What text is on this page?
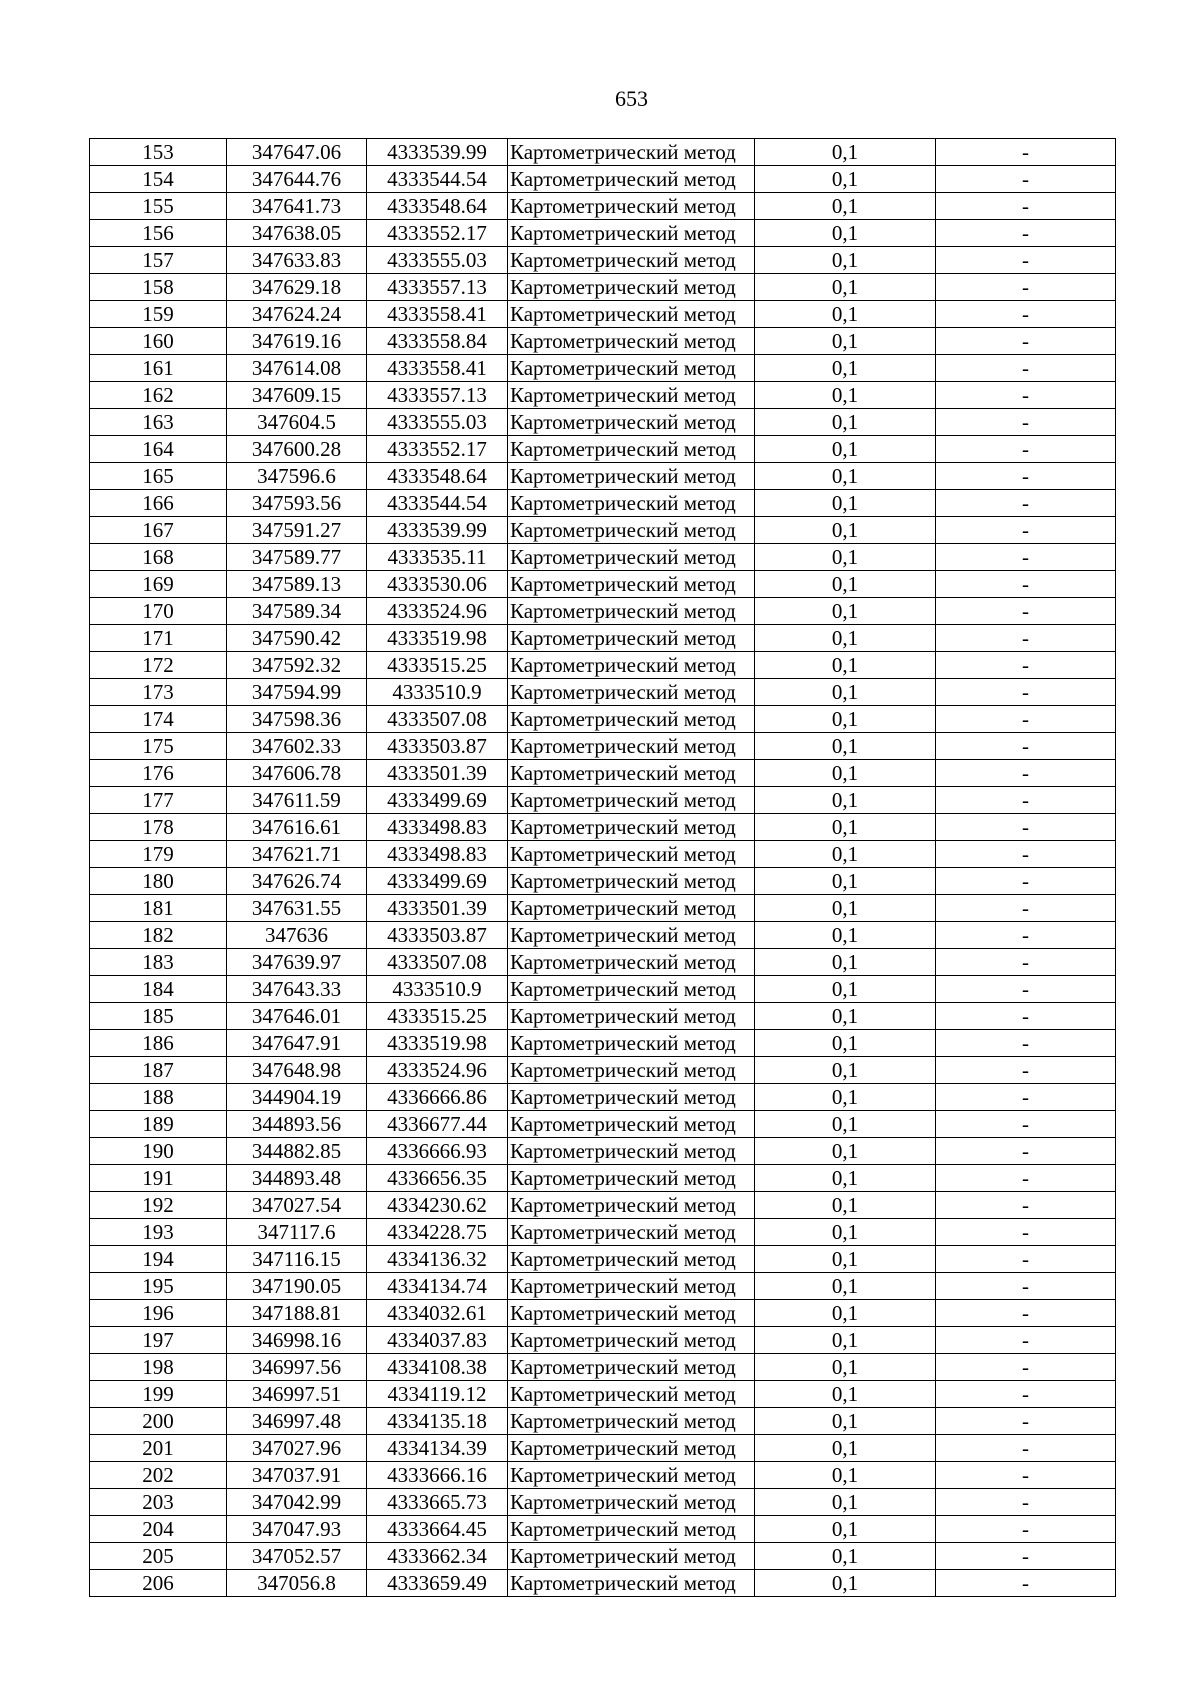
653
153	347647.06	4333539.99	Картометрический метод	0,1	-
154	347644.76	4333544.54	Картометрический метод	0,1	-
155	347641.73	4333548.64	Картометрический метод	0,1	-
156	347638.05	4333552.17	Картометрический метод	0,1	-
157	347633.83	4333555.03	Картометрический метод	0,1	-
158	347629.18	4333557.13	Картометрический метод	0,1	-
159	347624.24	4333558.41	Картометрический метод	0,1	-
160	347619.16	4333558.84	Картометрический метод	0,1	-
161	347614.08	4333558.41	Картометрический метод	0,1	-
162	347609.15	4333557.13	Картометрический метод	0,1	-
163	347604.5	4333555.03	Картометрический метод	0,1	-
164	347600.28	4333552.17	Картометрический метод	0,1	-
165	347596.6	4333548.64	Картометрический метод	0,1	-
166	347593.56	4333544.54	Картометрический метод	0,1	-
167	347591.27	4333539.99	Картометрический метод	0,1	-
168	347589.77	4333535.11	Картометрический метод	0,1	-
169	347589.13	4333530.06	Картометрический метод	0,1	-
170	347589.34	4333524.96	Картометрический метод	0,1	-
171	347590.42	4333519.98	Картометрический метод	0,1	-
172	347592.32	4333515.25	Картометрический метод	0,1	-
173	347594.99	4333510.9	Картометрический метод	0,1	-
174	347598.36	4333507.08	Картометрический метод	0,1	-
175	347602.33	4333503.87	Картометрический метод	0,1	-
176	347606.78	4333501.39	Картометрический метод	0,1	-
177	347611.59	4333499.69	Картометрический метод	0,1	-
178	347616.61	4333498.83	Картометрический метод	0,1	-
179	347621.71	4333498.83	Картометрический метод	0,1	-
180	347626.74	4333499.69	Картометрический метод	0,1	-
181	347631.55	4333501.39	Картометрический метод	0,1	-
182	347636	4333503.87	Картометрический метод	0,1	-
183	347639.97	4333507.08	Картометрический метод	0,1	-
184	347643.33	4333510.9	Картометрический метод	0,1	-
185	347646.01	4333515.25	Картометрический метод	0,1	-
186	347647.91	4333519.98	Картометрический метод	0,1	-
187	347648.98	4333524.96	Картометрический метод	0,1	-
188	344904.19	4336666.86	Картометрический метод	0,1	-
189	344893.56	4336677.44	Картометрический метод	0,1	-
190	344882.85	4336666.93	Картометрический метод	0,1	-
191	344893.48	4336656.35	Картометрический метод	0,1	-
192	347027.54	4334230.62	Картометрический метод	0,1	-
193	347117.6	4334228.75	Картометрический метод	0,1	-
194	347116.15	4334136.32	Картометрический метод	0,1	-
195	347190.05	4334134.74	Картометрический метод	0,1	-
196	347188.81	4334032.61	Картометрический метод	0,1	-
197	346998.16	4334037.83	Картометрический метод	0,1	-
198	346997.56	4334108.38	Картометрический метод	0,1	-
199	346997.51	4334119.12	Картометрический метод	0,1	-
200	346997.48	4334135.18	Картометрический метод	0,1	-
201	347027.96	4334134.39	Картометрический метод	0,1	-
202	347037.91	4333666.16	Картометрический метод	0,1	-
203	347042.99	4333665.73	Картометрический метод	0,1	-
204	347047.93	4333664.45	Картометрический метод	0,1	-
205	347052.57	4333662.34	Картометрический метод	0,1	-
206	347056.8	4333659.49	Картометрический метод	0,1	-
